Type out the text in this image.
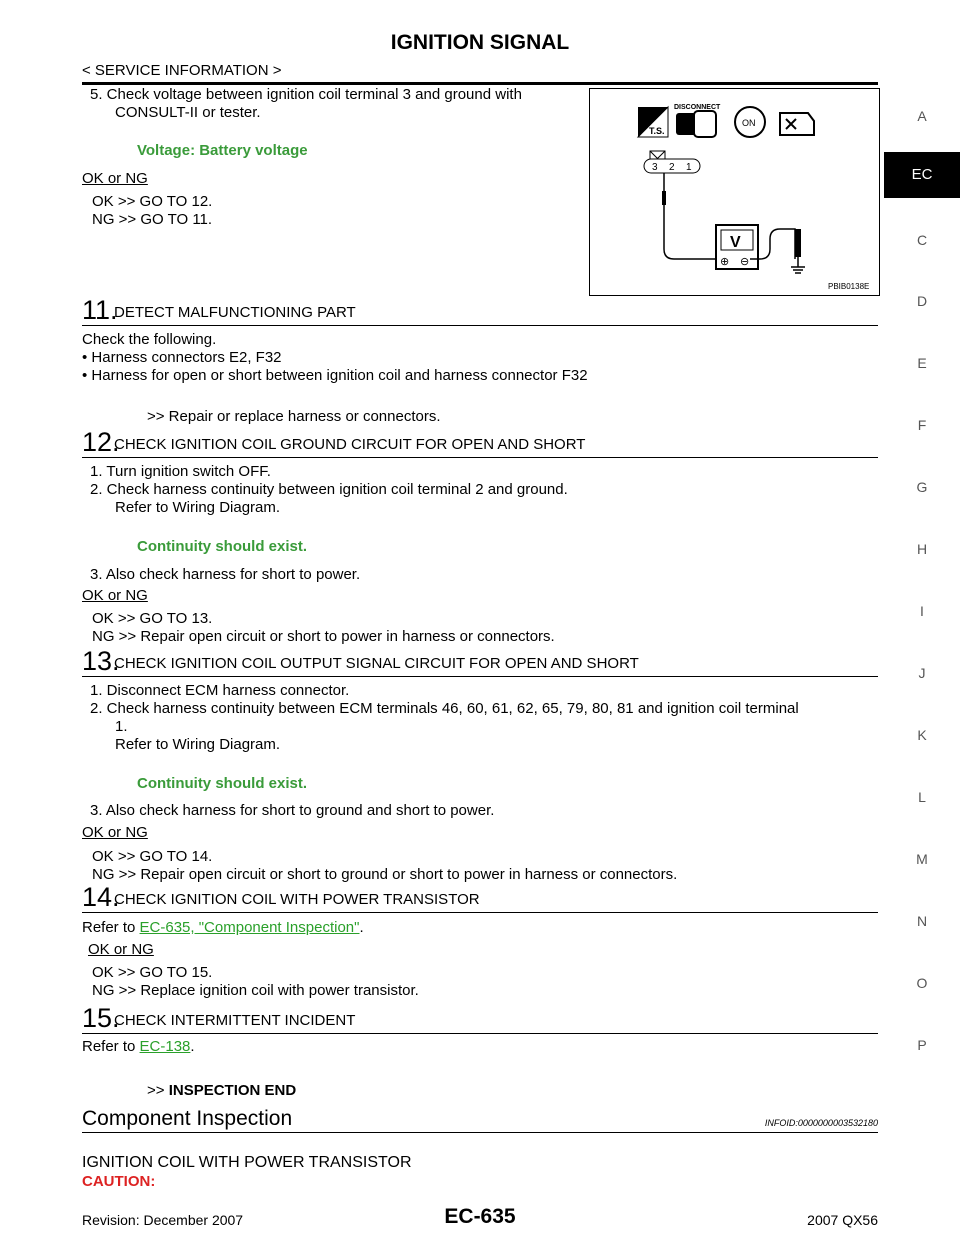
IGNITION SIGNAL
< SERVICE INFORMATION >
A
EC
C
D
E
F
G
H
I
J
K
L
M
N
O
P
T.S.
DISCONNECT
ON
3 2 1
V
⊕ ⊖
PBIB0138E
5. Check voltage between ignition coil terminal 3 and ground with
CONSULT-II or tester.
Voltage: Battery voltage
OK or NG
OK >> GO TO 12.
NG >> GO TO 11.
11.
DETECT MALFUNCTIONING PART
Check the following.
• Harness connectors E2, F32
• Harness for open or short between ignition coil and harness connector F32
>> Repair or replace harness or connectors.
12.
CHECK IGNITION COIL GROUND CIRCUIT FOR OPEN AND SHORT
1. Turn ignition switch OFF.
2. Check harness continuity between ignition coil terminal 2 and ground.
Refer to Wiring Diagram.
Continuity should exist.
3. Also check harness for short to power.
OK or NG
OK >> GO TO 13.
NG >> Repair open circuit or short to power in harness or connectors.
13.
CHECK IGNITION COIL OUTPUT SIGNAL CIRCUIT FOR OPEN AND SHORT
1. Disconnect ECM harness connector.
2. Check harness continuity between ECM terminals 46, 60, 61, 62, 65, 79, 80, 81 and ignition coil terminal
1.
Refer to Wiring Diagram.
Continuity should exist.
3. Also check harness for short to ground and short to power.
OK or NG
OK >> GO TO 14.
NG >> Repair open circuit or short to ground or short to power in harness or connectors.
14.
CHECK IGNITION COIL WITH POWER TRANSISTOR
Refer to EC-635, "Component Inspection".
OK or NG
OK >> GO TO 15.
NG >> Replace ignition coil with power transistor.
15.
CHECK INTERMITTENT INCIDENT
Refer to EC-138.
>> INSPECTION END
Component Inspection	INFOID:0000000003532180
IGNITION COIL WITH POWER TRANSISTOR
CAUTION:
Revision: December 2007	EC-635	2007 QX56
